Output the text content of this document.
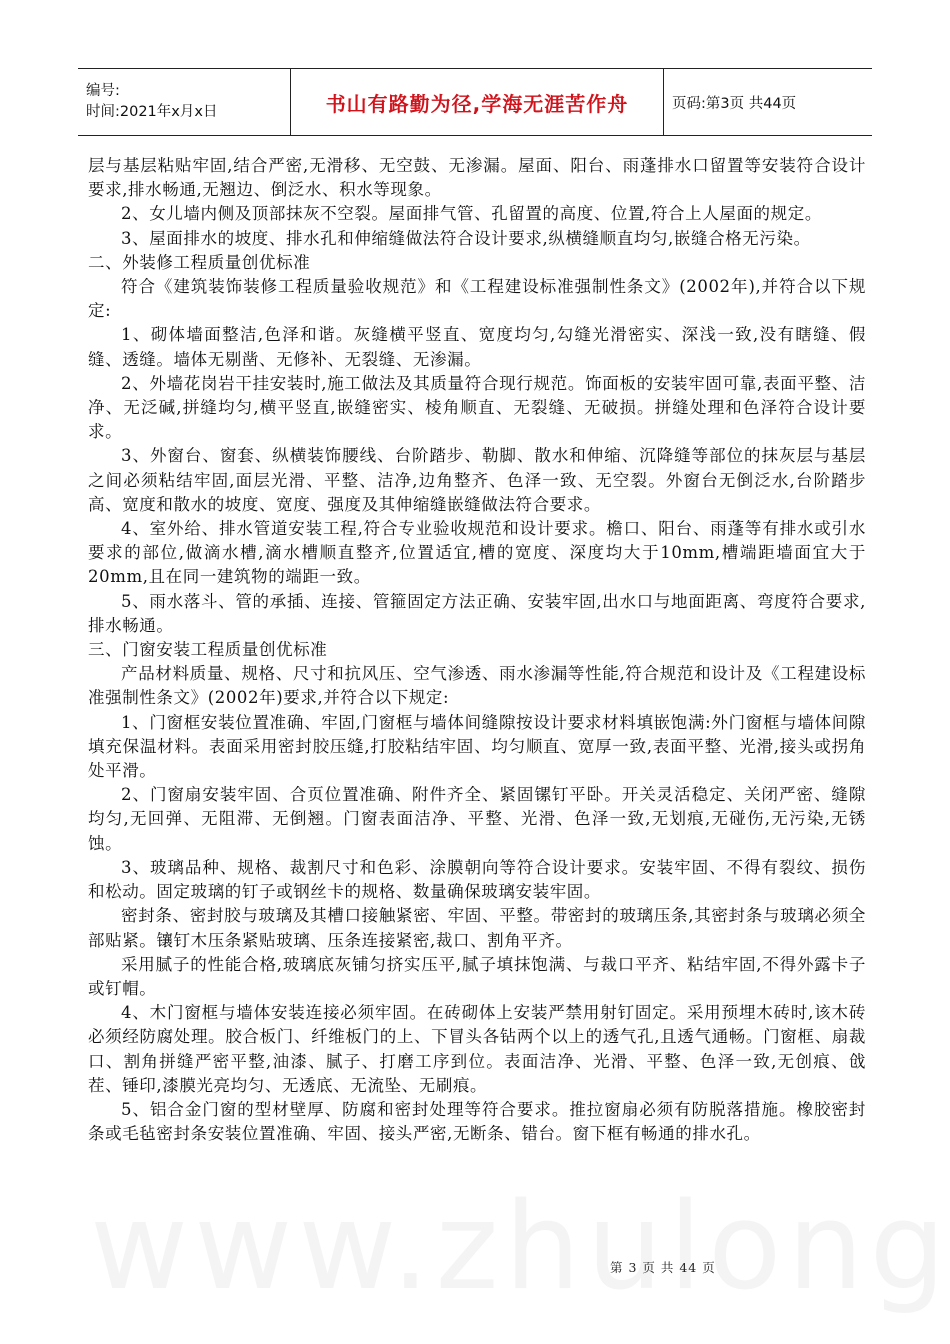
编号:
时间:2021年x月x日	书山有路勤为径,学海无涯苦作舟	页码:第3页 共44页

层与基层粘贴牢固,结合严密,无滑移、无空鼓、无渗漏。屋面、阳台、雨蓬排水口留置等安装符合设计要求,排水畅通,无翘边、倒泛水、积水等现象。

2、女儿墙内侧及顶部抹灰不空裂。屋面排气管、孔留置的高度、位置,符合上人屋面的规定。

3、屋面排水的坡度、排水孔和伸缩缝做法符合设计要求,纵横缝顺直均匀,嵌缝合格无污染。

二、外装修工程质量创优标准

符合《建筑装饰装修工程质量验收规范》和《工程建设标准强制性条文》(2002年),并符合以下规定:

1、砌体墙面整洁,色泽和谐。灰缝横平竖直、宽度均匀,勾缝光滑密实、深浅一致,没有瞎缝、假缝、透缝。墙体无剔凿、无修补、无裂缝、无渗漏。

2、外墙花岗岩干挂安装时,施工做法及其质量符合现行规范。饰面板的安装牢固可靠,表面平整、洁净、无泛碱,拼缝均匀,横平竖直,嵌缝密实、棱角顺直、无裂缝、无破损。拼缝处理和色泽符合设计要求。

3、外窗台、窗套、纵横装饰腰线、台阶踏步、勒脚、散水和伸缩、沉降缝等部位的抹灰层与基层之间必须粘结牢固,面层光滑、平整、洁净,边角整齐、色泽一致、无空裂。外窗台无倒泛水,台阶踏步高、宽度和散水的坡度、宽度、强度及其伸缩缝嵌缝做法符合要求。

4、室外给、排水管道安装工程,符合专业验收规范和设计要求。檐口、阳台、雨蓬等有排水或引水要求的部位,做滴水槽,滴水槽顺直整齐,位置适宜,槽的宽度、深度均大于10mm,槽端距墙面宜大于20mm,且在同一建筑物的端距一致。

5、雨水落斗、管的承插、连接、管箍固定方法正确、安装牢固,出水口与地面距离、弯度符合要求,排水畅通。

三、门窗安装工程质量创优标准

产品材料质量、规格、尺寸和抗风压、空气渗透、雨水渗漏等性能,符合规范和设计及《工程建设标准强制性条文》(2002年)要求,并符合以下规定:

1、门窗框安装位置准确、牢固,门窗框与墙体间缝隙按设计要求材料填嵌饱满:外门窗框与墙体间隙填充保温材料。表面采用密封胶压缝,打胶粘结牢固、均匀顺直、宽厚一致,表面平整、光滑,接头或拐角处平滑。

2、门窗扇安装牢固、合页位置准确、附件齐全、紧固镙钉平卧。开关灵活稳定、关闭严密、缝隙均匀,无回弹、无阻滞、无倒翘。门窗表面洁净、平整、光滑、色泽一致,无划痕,无碰伤,无污染,无锈蚀。

3、玻璃品种、规格、裁割尺寸和色彩、涂膜朝向等符合设计要求。安装牢固、不得有裂纹、损伤和松动。固定玻璃的钉子或钢丝卡的规格、数量确保玻璃安装牢固。

密封条、密封胶与玻璃及其槽口接触紧密、牢固、平整。带密封的玻璃压条,其密封条与玻璃必须全部贴紧。镶钉木压条紧贴玻璃、压条连接紧密,裁口、割角平齐。

采用腻子的性能合格,玻璃底灰铺匀挤实压平,腻子填抹饱满、与裁口平齐、粘结牢固,不得外露卡子或钉帽。

4、木门窗框与墙体安装连接必须牢固。在砖砌体上安装严禁用射钉固定。采用预埋木砖时,该木砖必须经防腐处理。胶合板门、纤维板门的上、下冒头各钻两个以上的透气孔,且透气通畅。门窗框、扇裁口、割角拼缝严密平整,油漆、腻子、打磨工序到位。表面洁净、光滑、平整、色泽一致,无创痕、戗茬、锤印,漆膜光亮均匀、无透底、无流坠、无刷痕。

5、铝合金门窗的型材壁厚、防腐和密封处理等符合要求。推拉窗扇必须有防脱落措施。橡胶密封条或毛毡密封条安装位置准确、牢固、接头严密,无断条、错台。窗下框有畅通的排水孔。

第 3 页 共 44 页
